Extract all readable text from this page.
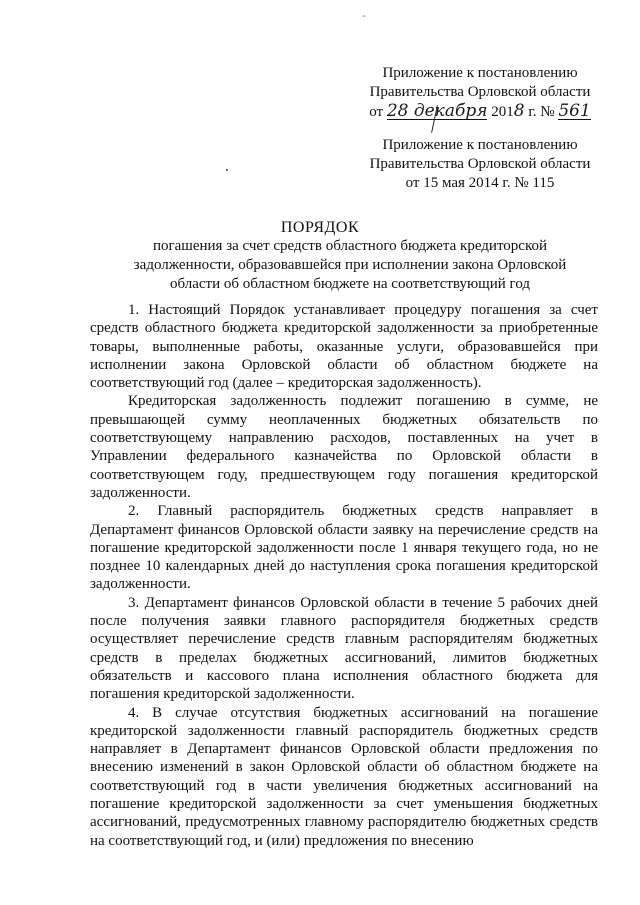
-
Приложение к постановлению
Правительства Орловской области
от 28 декабря 2018 г. № 561
Приложение к постановлению
Правительства Орловской области
от 15 мая 2014 г. № 115
ПОРЯДОК
погашения за счет средств областного бюджета кредиторской задолженности, образовавшейся при исполнении закона Орловской области об областном бюджете на соответствующий год

1. Настоящий Порядок устанавливает процедуру погашения за счет средств областного бюджета кредиторской задолженности за приобретенные товары, выполненные работы, оказанные услуги, образовавшейся при исполнении закона Орловской области об областном бюджете на соответствующий год (далее – кредиторская задолженность).

Кредиторская задолженность подлежит погашению в сумме, не превышающей сумму неоплаченных бюджетных обязательств по соответствующему направлению расходов, поставленных на учет в Управлении федерального казначейства по Орловской области в соответствующем году, предшествующем году погашения кредиторской задолженности.

2. Главный распорядитель бюджетных средств направляет в Департамент финансов Орловской области заявку на перечисление средств на погашение кредиторской задолженности после 1 января текущего года, но не позднее 10 календарных дней до наступления срока погашения кредиторской задолженности.

3. Департамент финансов Орловской области в течение 5 рабочих дней после получения заявки главного распорядителя бюджетных средств осуществляет перечисление средств главным распорядителям бюджетных средств в пределах бюджетных ассигнований, лимитов бюджетных обязательств и кассового плана исполнения областного бюджета для погашения кредиторской задолженности.

4. В случае отсутствия бюджетных ассигнований на погашение кредиторской задолженности главный распорядитель бюджетных средств направляет в Департамент финансов Орловской области предложения по внесению изменений в закон Орловской области об областном бюджете на соответствующий год в части увеличения бюджетных ассигнований на погашение кредиторской задолженности за счет уменьшения бюджетных ассигнований, предусмотренных главному распорядителю бюджетных средств на соответствующий год, и (или) предложения по внесению
